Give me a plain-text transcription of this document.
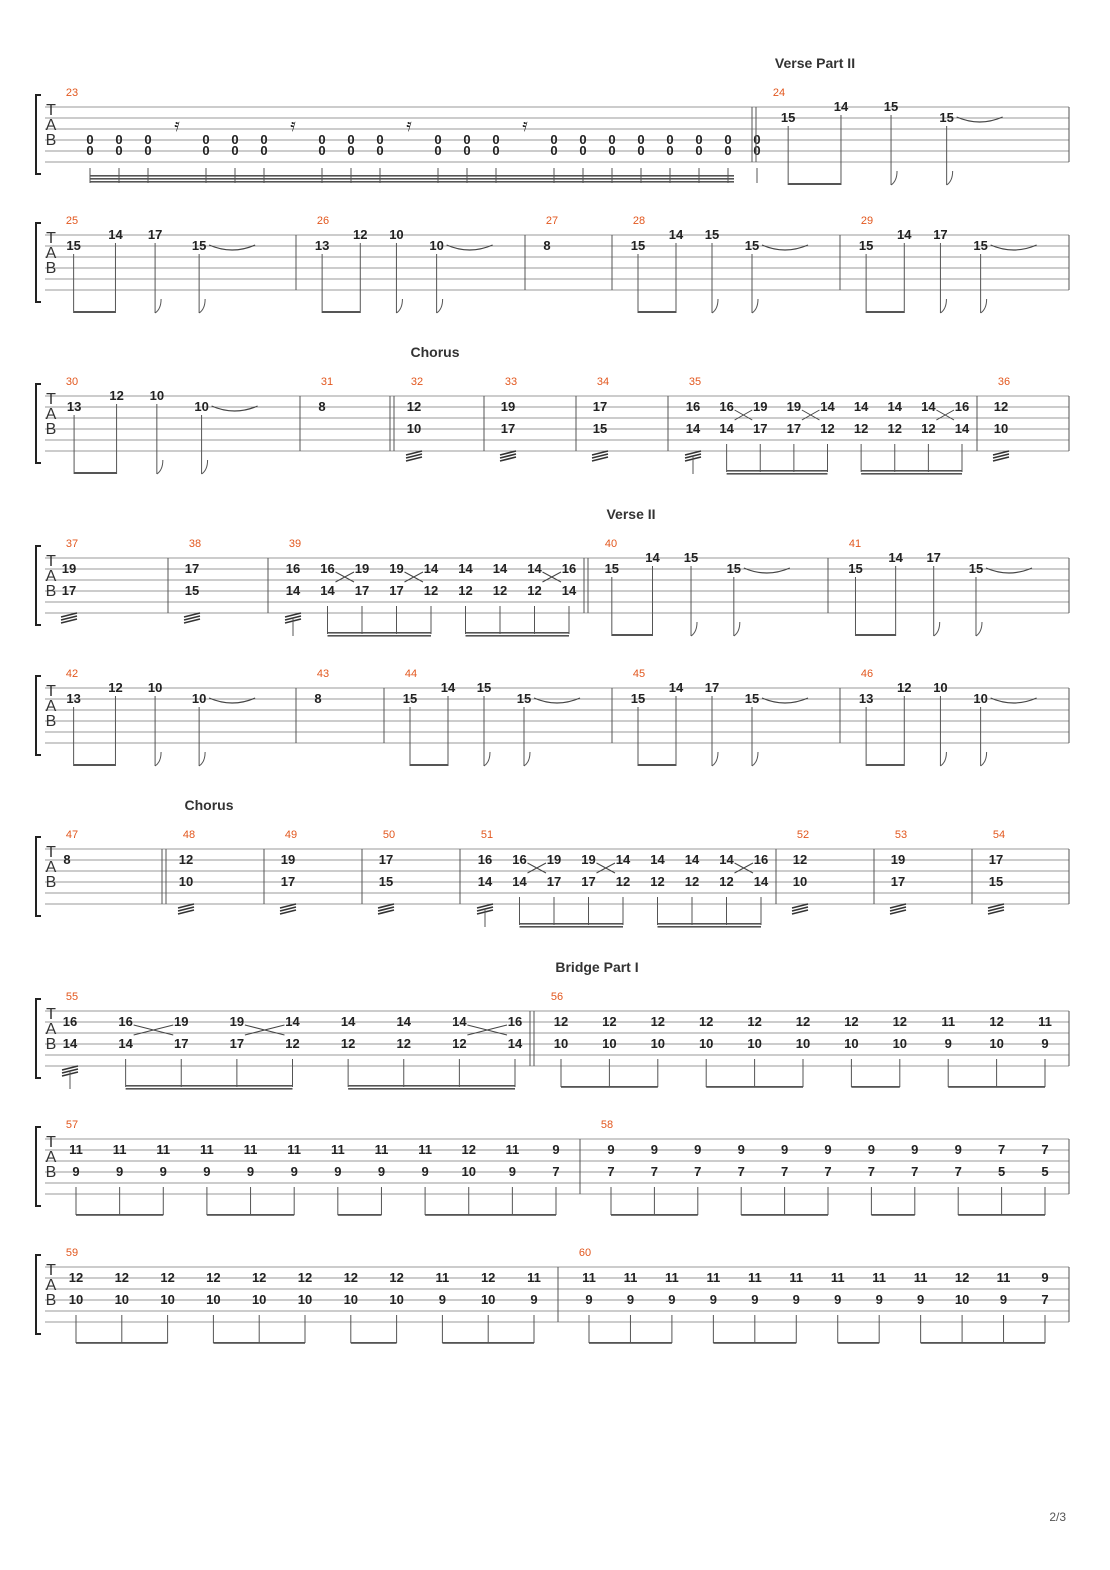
T
A
B
23
0
0
0
0
0
0
𝄿
0
0
0
0
0
0
𝄿
0
0
0
0
0
0
𝄿
0
0
0
0
0
0
𝄿
0
0
0
0
0
0
0
0
0
0
0
0
0
0
0
0
24
15
14	15
15
T
A
B
25
15
14 17
15
26
13
12 10
10
27
8
28
15
14 15
15
29
15
14 17
15
T
A
B
30
13
12 10
10
31
8
32
12
10
33
19
17
34
17
15
35
16
14
16
14
19
17
19
17
14
12
14
12
14
12
14
12
16
14
36
12
10
T
A
B
37
19
17
38
17
15
39
16
14
16
14
19
17
19
17
14
12
14
12
14
12
14
12
16
14
40
15
14 15
15
41
15
14 17
15
T
A
B
42
13
12 10
10
43
8
44
15
14 15
15
45
15
14 17
15
46
13
12 10
10
T
A
B
47
8
48
12
10
49
19
17
50
17
15
51
16
14
16
14
19
17
19
17
14
12
14
12
14
12
14
12
16
14
52
12
10
53
19
17
54
17
15
T
A
B
55
16
14
16
14
19
17
19
17
14
12
14
12
14
12
14
12
16
14
56
12
10
12
10
12
10
12
10
12
10
12
10
12
10
12
10
11
9
12
10
11
9
T
A
B
57
11
9
11
9
11
9
11
9
11
9
11
9
11
9
11
9
11
9
12
10
11
9
9
7
58
9
7
9
7
9
7
9
7
9
7
9
7
9
7
9
7
9
7
7
5
7
5
T
A
B
59
12
10
12
10
12
10
12
10
12
10
12
10
12
10
12
10
11
9
12
10
11
9
60
11
9
11
9
11
9
11
9
11
9
11
9
11
9
11
9
11
9
12
10
11
9
9
7
Verse Part II
Chorus
Verse II
Chorus
Bridge Part I
2/3
